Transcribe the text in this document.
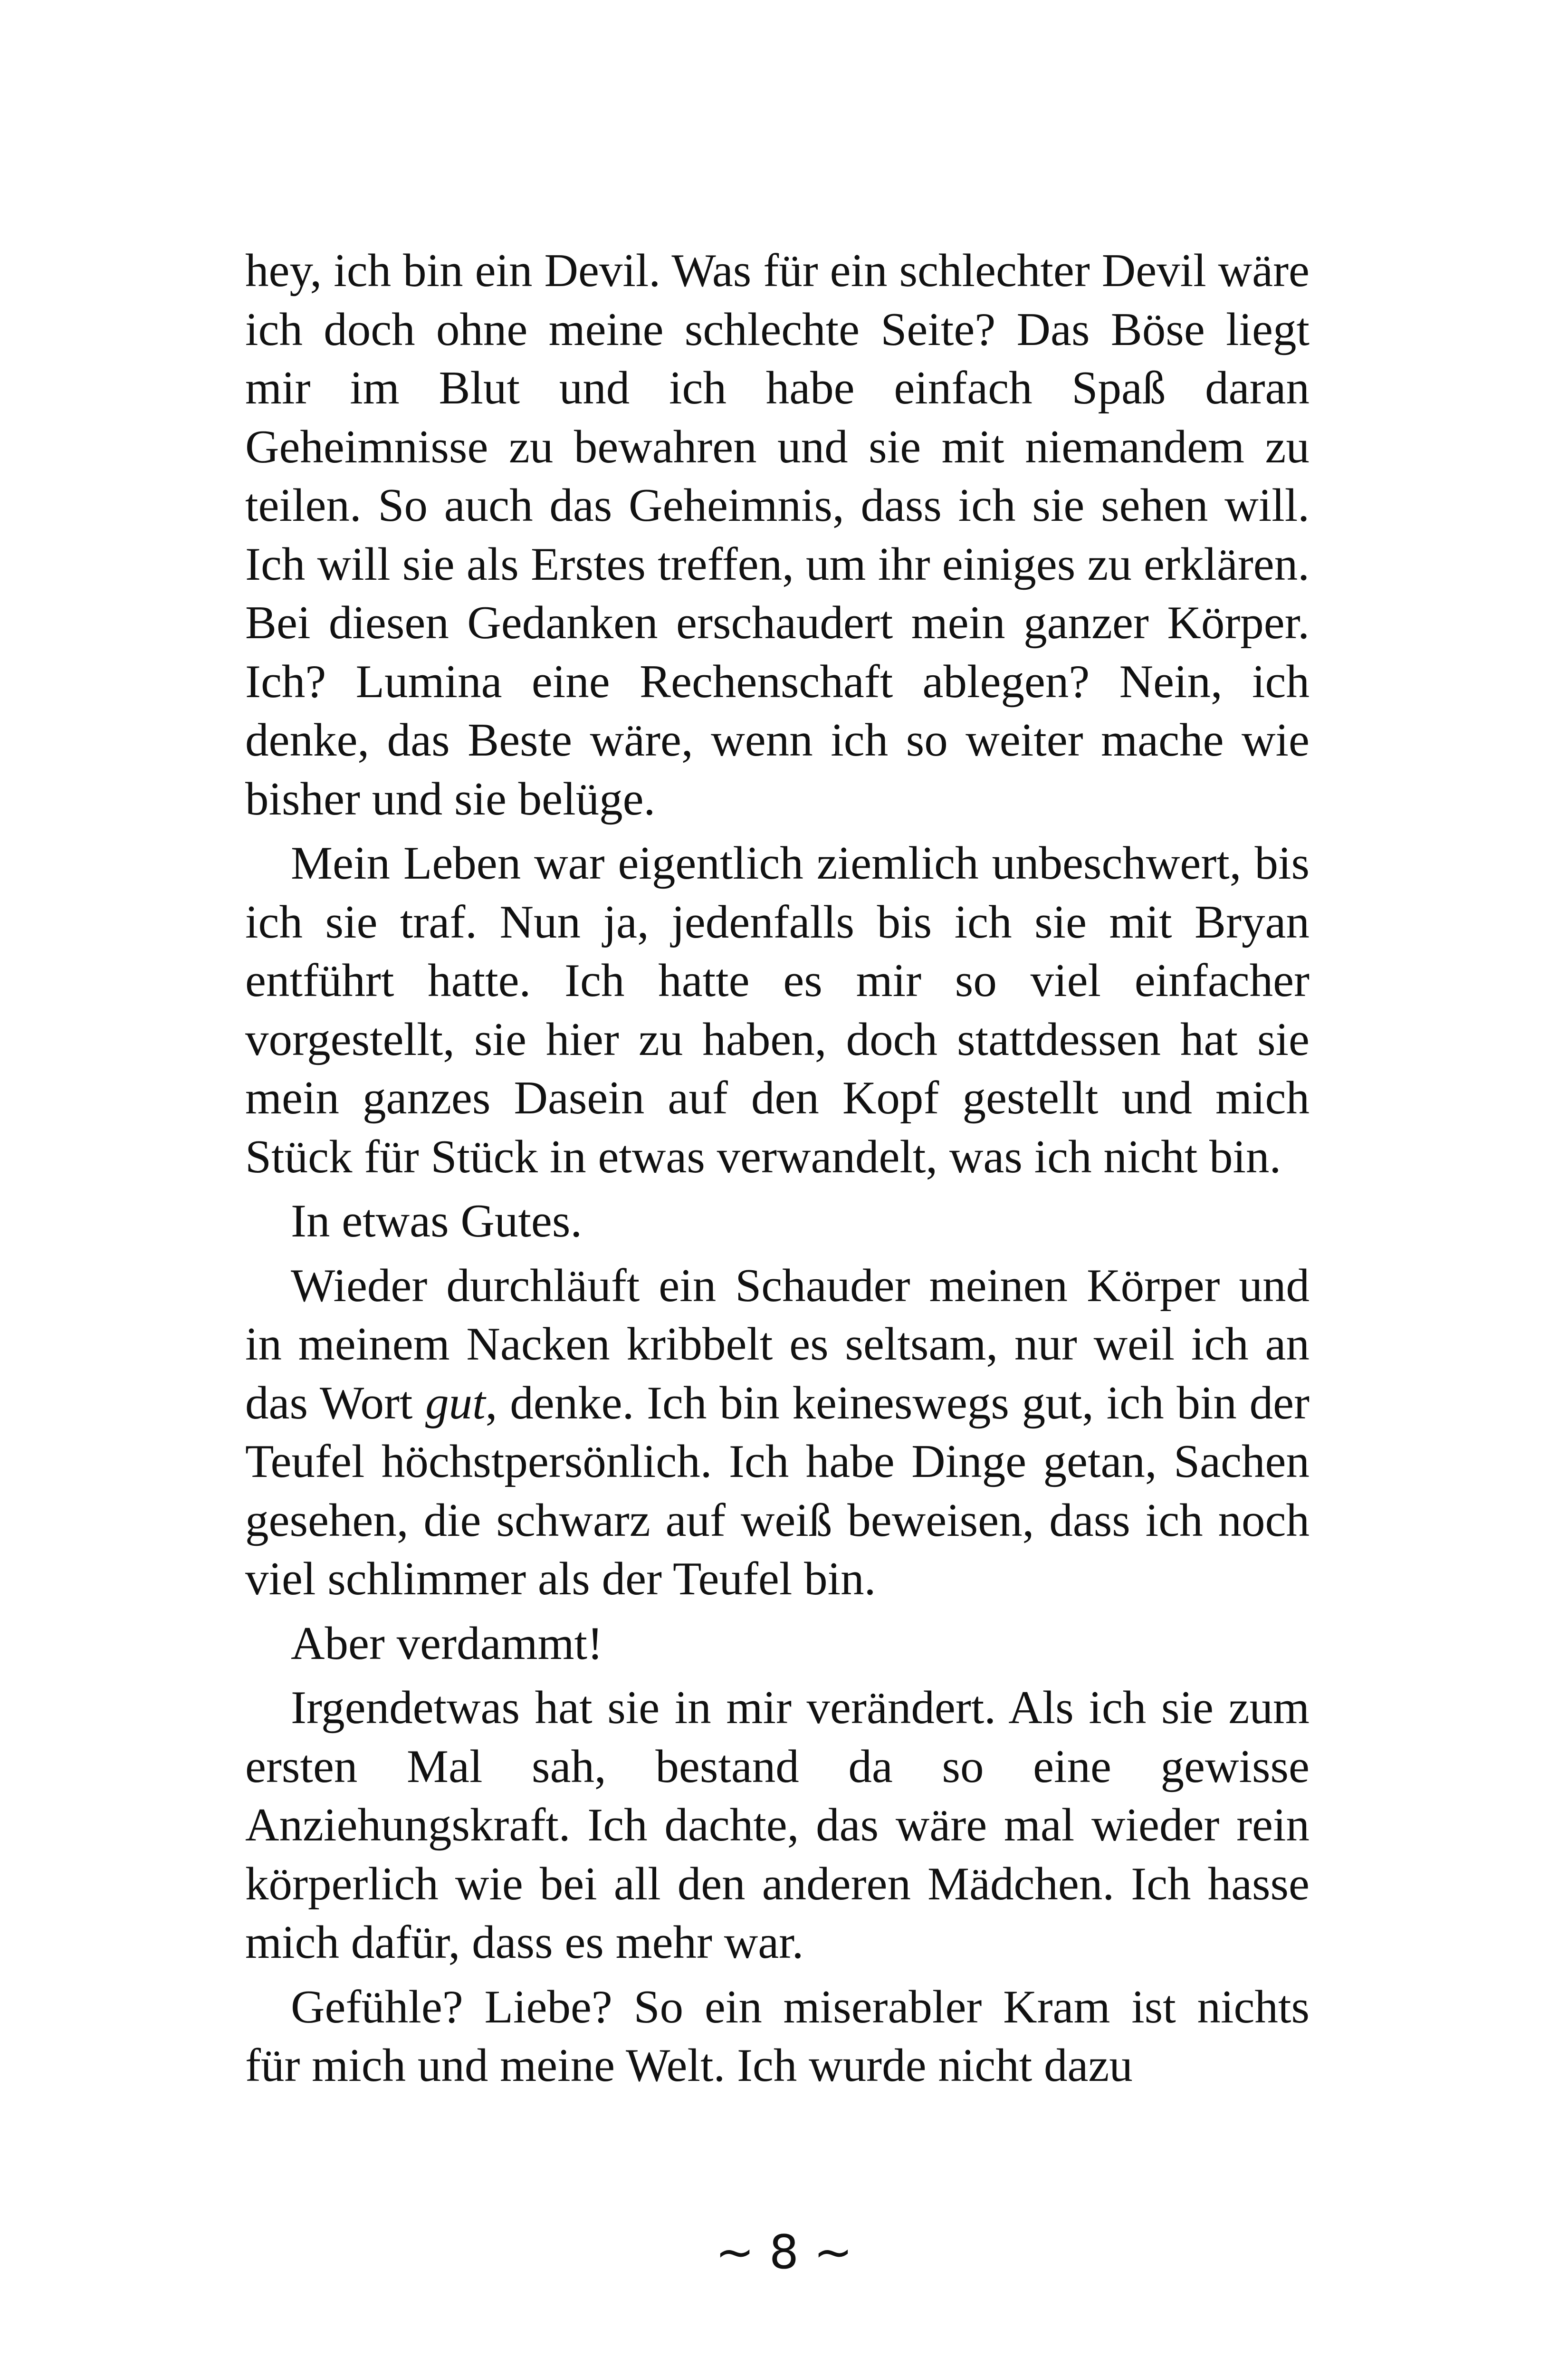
hey, ich bin ein Devil. Was für ein schlechter Devil wäre ich doch ohne meine schlechte Seite? Das Böse liegt mir im Blut und ich habe einfach Spaß daran Geheimnisse zu bewahren und sie mit niemandem zu teilen. So auch das Geheimnis, dass ich sie sehen will. Ich will sie als Erstes treffen, um ihr einiges zu erklären. Bei diesen Gedanken erschaudert mein ganzer Körper. Ich? Lumina eine Rechenschaft ablegen? Nein, ich denke, das Beste wäre, wenn ich so weiter mache wie bisher und sie belüge.

Mein Leben war eigentlich ziemlich unbeschwert, bis ich sie traf. Nun ja, jedenfalls bis ich sie mit Bryan entführt hatte. Ich hatte es mir so viel einfacher vorgestellt, sie hier zu haben, doch stattdessen hat sie mein ganzes Dasein auf den Kopf gestellt und mich Stück für Stück in etwas verwandelt, was ich nicht bin.

In etwas Gutes.

Wieder durchläuft ein Schauder meinen Körper und in meinem Nacken kribbelt es seltsam, nur weil ich an das Wort gut, denke. Ich bin keineswegs gut, ich bin der Teufel höchstpersönlich. Ich habe Dinge getan, Sachen gesehen, die schwarz auf weiß beweisen, dass ich noch viel schlimmer als der Teufel bin.

Aber verdammt!

Irgendetwas hat sie in mir verändert. Als ich sie zum ersten Mal sah, bestand da so eine gewisse Anziehungskraft. Ich dachte, das wäre mal wieder rein körperlich wie bei all den anderen Mädchen. Ich hasse mich dafür, dass es mehr war.

Gefühle? Liebe? So ein miserabler Kram ist nichts für mich und meine Welt. Ich wurde nicht dazu

~ 8 ~
